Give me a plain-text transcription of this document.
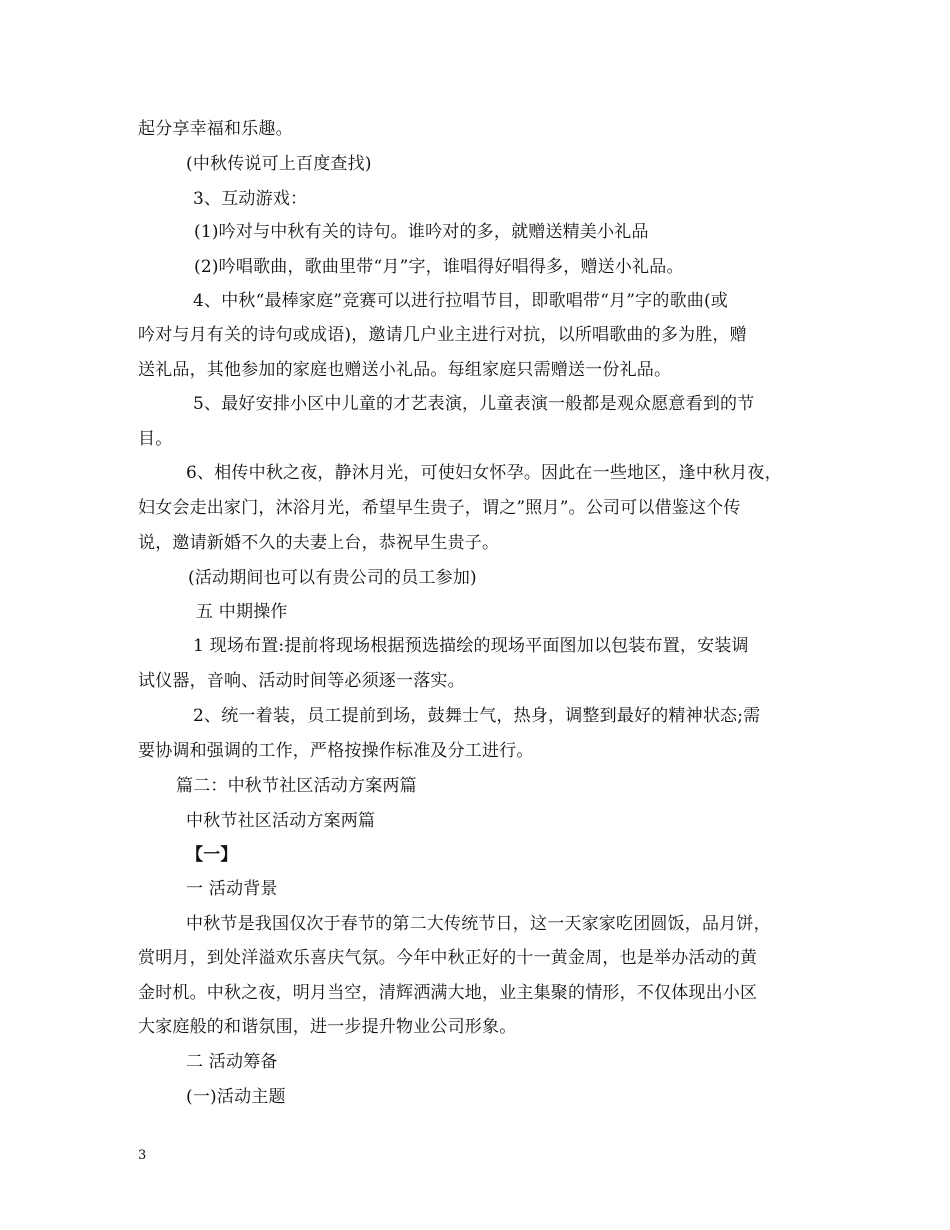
起分享幸福和乐趣。
(中秋传说可上百度查找)
3、互动游戏：
(1)吟对与中秋有关的诗句。谁吟对的多，就赠送精美小礼品
(2)吟唱歌曲，歌曲里带“月”字，谁唱得好唱得多，赠送小礼品。
4、中秋“最棒家庭”竞赛可以进行拉唱节目，即歌唱带“月”字的歌曲(或
吟对与月有关的诗句或成语)，邀请几户业主进行对抗，以所唱歌曲的多为胜，赠
送礼品，其他参加的家庭也赠送小礼品。每组家庭只需赠送一份礼品。
5、最好安排小区中儿童的才艺表演，儿童表演一般都是观众愿意看到的节
目。
6、相传中秋之夜，静沐月光，可使妇女怀孕。因此在一些地区，逢中秋月夜，
妇女会走出家门，沐浴月光，希望早生贵子，谓之”照月”。公司可以借鉴这个传
说，邀请新婚不久的夫妻上台，恭祝早生贵子。
(活动期间也可以有贵公司的员工参加)
五 中期操作
1 现场布置:提前将现场根据预选描绘的现场平面图加以包装布置，安装调
试仪器，音响、活动时间等必须逐一落实。
2、统一着装，员工提前到场，鼓舞士气，热身，调整到最好的精神状态;需
要协调和强调的工作，严格按操作标准及分工进行。
篇二：中秋节社区活动方案两篇
中秋节社区活动方案两篇
【一】
一 活动背景
中秋节是我国仅次于春节的第二大传统节日，这一天家家吃团圆饭，品月饼，
赏明月，到处洋溢欢乐喜庆气氛。今年中秋正好的十一黄金周，也是举办活动的黄
金时机。中秋之夜，明月当空，清辉洒满大地，业主集聚的情形，不仅体现出小区
大家庭般的和谐氛围，进一步提升物业公司形象。
二 活动筹备
(一)活动主题
3
